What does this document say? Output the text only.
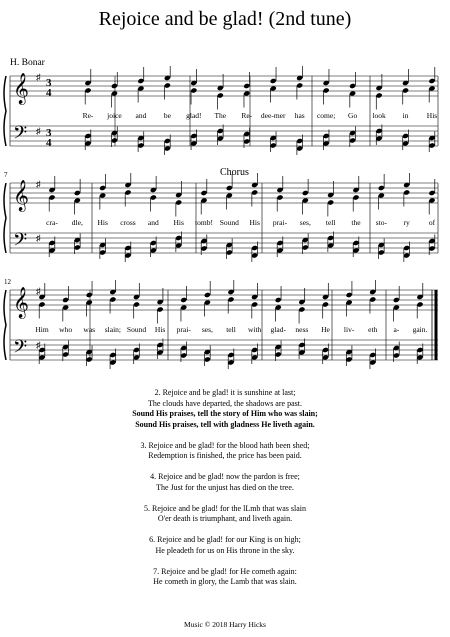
Rejoice and be glad! (2nd tune)
H. Bonar
𝄞
𝄢
♯
♯
3
4
3
4
Re- joice and be glad! The Re- dee-mer has come; Go look in His
𝄞
𝄢
♯
♯
7	Chorus
cra- dle, His cross and His tomb! Sound His prai- ses, tell the sto- ry	of
𝄞
𝄢
♯
♯
12
Him who was slain; Sound His prai- ses, tell with glad- ness He liv- eth a- gain.
2. Rejoice and be glad! it is sunshine at last;
The clouds have departed, the shadows are past.
Sound His praises, tell the story of Him who was slain;
Sound His praises, tell with gladness He liveth again.
3. Rejoice and be glad! for the blood hath been shed;
Redemption is finished, the price has been paid.
4. Rejoice and be glad! now the pardon is free;
The Just for the unjust has died on the tree.
5. Rejoice and be glad! for the lLmb that was slain
O'er death is triumphant, and liveth again.
6. Rejoice and be glad! for our King is on high;
He pleadeth for us on His throne in the sky.
7. Rejoice and be glad! for He cometh again:
He cometh in glory, the Lamb that was slain.
Music © 2018 Harry Hicks
